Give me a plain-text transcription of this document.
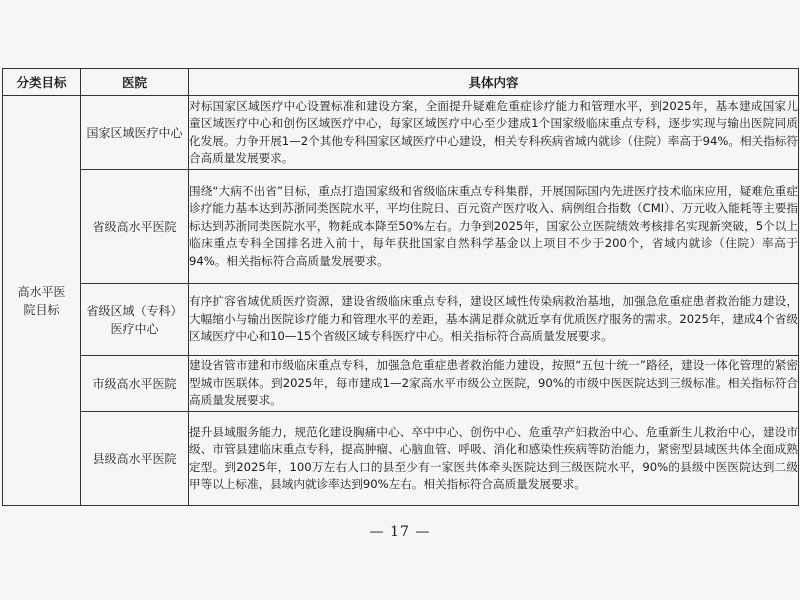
分类目标	医院	具体内容

高水平医院目标	国家区域医疗中心	对标国家区域医疗中心设置标准和建设方案，全面提升疑难危重症诊疗能力和管理水平，到2025年，基本建成国家儿童区域医疗中心和创伤区域医疗中心，每家区域医疗中心至少建成1个国家级临床重点专科，逐步实现与输出医院同质化发展。力争开展1—2个其他专科国家区域医疗中心建设，相关专科疾病省域内就诊（住院）率高于94%。相关指标符合高质量发展要求。
	省级高水平医院	围绕“大病不出省”目标，重点打造国家级和省级临床重点专科集群，开展国际国内先进医疗技术临床应用，疑难危重症诊疗能力基本达到苏浙同类医院水平，平均住院日、百元资产医疗收入、病例组合指数（CMI）、万元收入能耗等主要指标达到苏浙同类医院水平，物耗成本降至50%左右。力争到2025年，国家公立医院绩效考核排名实现新突破，5个以上临床重点专科全国排名进入前十，每年获批国家自然科学基金以上项目不少于200个，省域内就诊（住院）率高于94%。相关指标符合高质量发展要求。
	省级区域（专科）医疗中心	有序扩容省域优质医疗资源，建设省级临床重点专科，建设区域性传染病救治基地，加强急危重症患者救治能力建设，大幅缩小与输出医院诊疗能力和管理水平的差距，基本满足群众就近享有优质医疗服务的需求。2025年，建成4个省级区域医疗中心和10—15个省级区域专科医疗中心。相关指标符合高质量发展要求。
	市级高水平医院	建设省管市建和市级临床重点专科，加强急危重症患者救治能力建设，按照“五包十统一”路径，建设一体化管理的紧密型城市医联体。到2025年，每市建成1—2家高水平市级公立医院，90%的市级中医医院达到三级标准。相关指标符合高质量发展要求。
	县级高水平医院	提升县域服务能力，规范化建设胸痛中心、卒中中心、创伤中心、危重孕产妇救治中心、危重新生儿救治中心，建设市级、市管县建临床重点专科，提高肿瘤、心脑血管、呼吸、消化和感染性疾病等防治能力，紧密型县域医共体全面成熟定型。到2025年，100万左右人口的县至少有一家医共体牵头医院达到三级医院水平，90%的县级中医医院达到二级甲等以上标准，县域内就诊率达到90%左右。相关指标符合高质量发展要求。
— 17 —
